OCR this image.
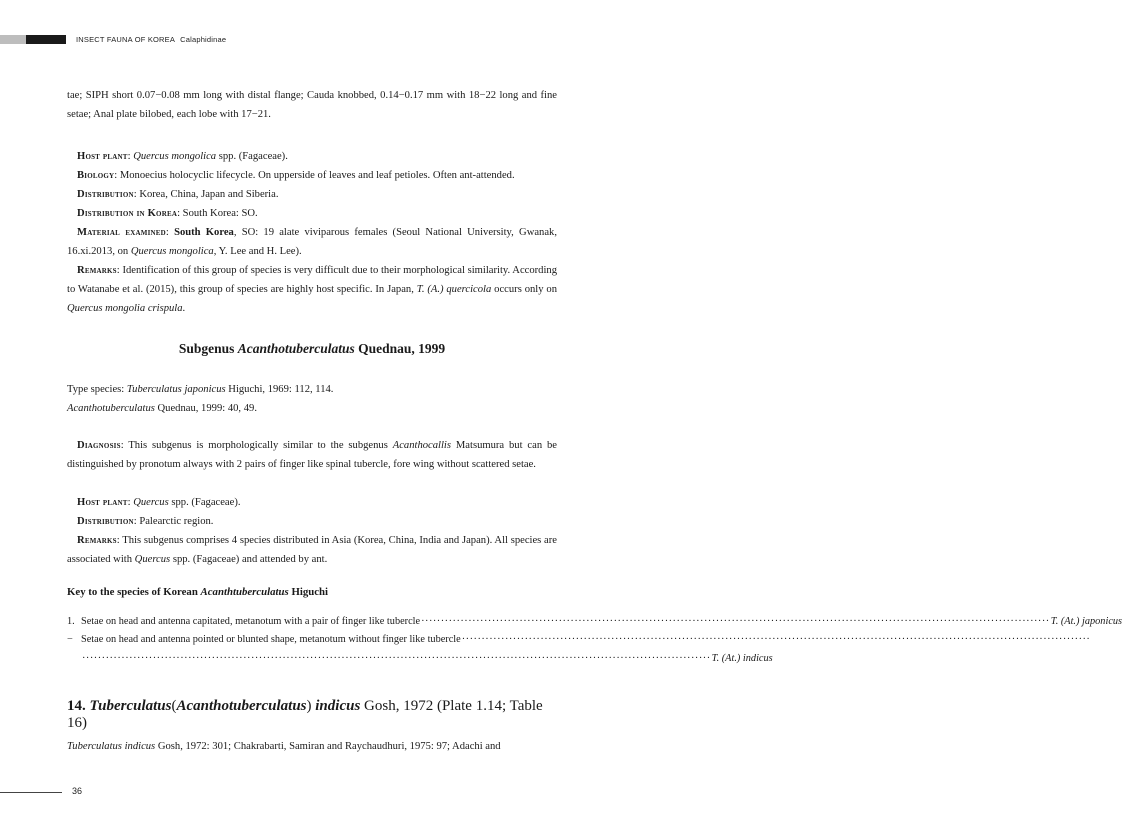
INSECT FAUNA OF KOREA Calaphidinae
tae; SIPH short 0.07−0.08 mm long with distal flange; Cauda knobbed, 0.14−0.17 mm with 18−22 long and fine setae; Anal plate bilobed, each lobe with 17−21.
Host plant: Quercus mongolica spp. (Fagaceae).
Biology: Monoecius holocyclic lifecycle. On upperside of leaves and leaf petioles. Often ant-attended.
Distribution: Korea, China, Japan and Siberia.
Distribution in Korea: South Korea: SO.
Material examined: South Korea, SO: 19 alate viviparous females (Seoul National University, Gwanak, 16.xi.2013, on Quercus mongolica, Y. Lee and H. Lee).
Remarks: Identification of this group of species is very difficult due to their morphological similarity. According to Watanabe et al. (2015), this group of species are highly host specific. In Japan, T. (A.) quercicola occurs only on Quercus mongolia crispula.
Subgenus Acanthotuberculatus Quednau, 1999
Type species: Tuberculatus japonicus Higuchi, 1969: 112, 114.
Acanthotuberculatus Quednau, 1999: 40, 49.
Diagnosis: This subgenus is morphologically similar to the subgenus Acanthocallis Matsumura but can be distinguished by pronotum always with 2 pairs of finger like spinal tubercle, fore wing without scattered setae.
Host plant: Quercus spp. (Fagaceae).
Distribution: Palearctic region.
Remarks: This subgenus comprises 4 species distributed in Asia (Korea, China, India and Japan). All species are associated with Quercus spp. (Fagaceae) and attended by ant.
Key to the species of Korean Acanthtuberculatus Higuchi
1. Setae on head and antenna capitated, metanotum with a pair of finger like tubercle ································································································································································ T. (At.) japonicus
− Setae on head and antenna pointed or blunted shape, metanotum without finger like tubercle ································································································································································
································································································································································ T. (At.) indicus
14. Tuberculatus(Acanthotuberculatus) indicus Gosh, 1972 (Plate 1.14; Table 16)
Tuberculatus indicus Gosh, 1972: 301; Chakrabarti, Samiran and Raychaudhuri, 1975: 97; Adachi and
36
